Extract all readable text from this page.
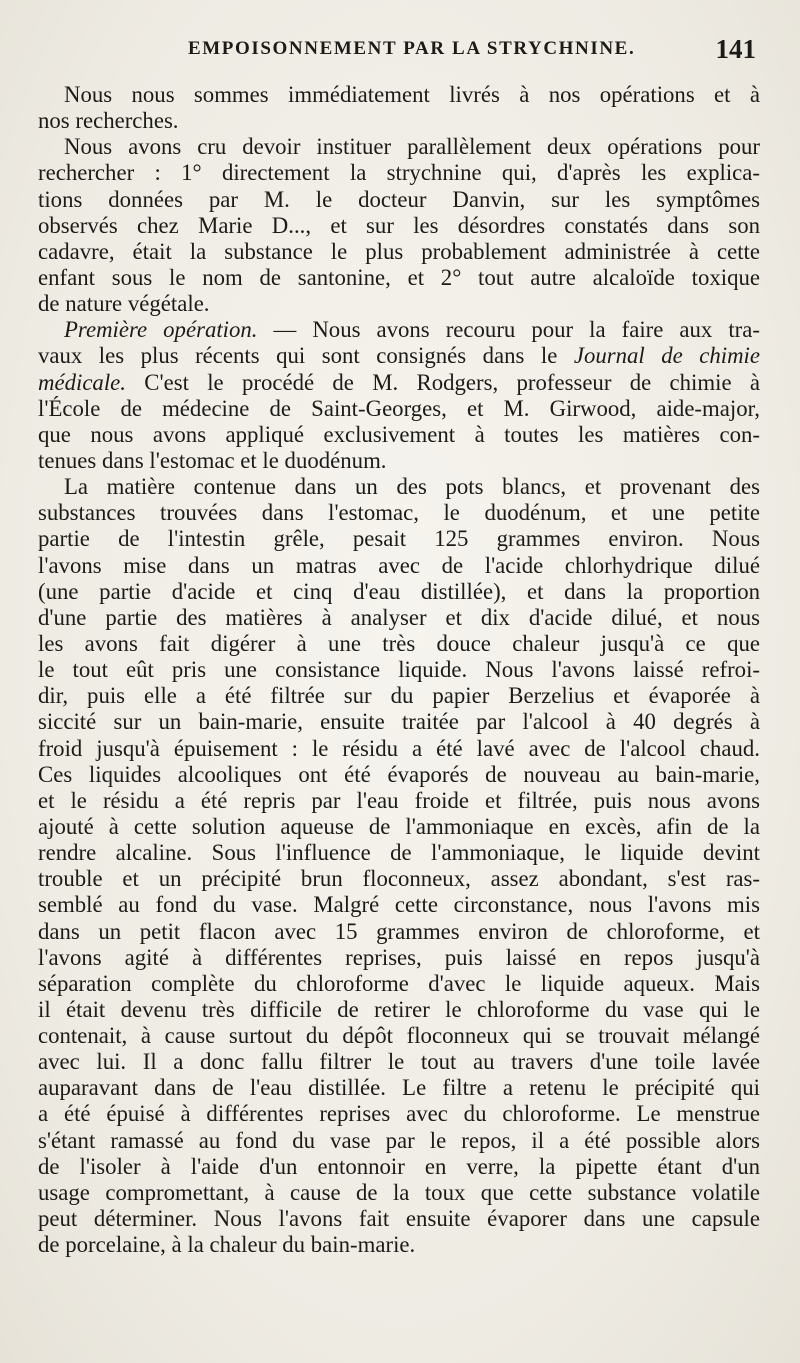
EMPOISONNEMENT PAR LA STRYCHNINE.	141
Nous nous sommes immédiatement livrés à nos opérations et à
nos recherches.
Nous avons cru devoir instituer parallèlement deux opérations pour
rechercher : 1° directement la strychnine qui, d'après les explica-
tions données par M. le docteur Danvin, sur les symptômes
observés chez Marie D..., et sur les désordres constatés dans son
cadavre, était la substance le plus probablement administrée à cette
enfant sous le nom de santonine, et 2° tout autre alcaloïde toxique
de nature végétale.
Première opération. — Nous avons recouru pour la faire aux tra-
vaux les plus récents qui sont consignés dans le Journal de chimie
médicale. C'est le procédé de M. Rodgers, professeur de chimie à
l'École de médecine de Saint-Georges, et M. Girwood, aide-major,
que nous avons appliqué exclusivement à toutes les matières con-
tenues dans l'estomac et le duodénum.
La matière contenue dans un des pots blancs, et provenant des
substances trouvées dans l'estomac, le duodénum, et une petite
partie de l'intestin grêle, pesait 125 grammes environ. Nous
l'avons mise dans un matras avec de l'acide chlorhydrique dilué
(une partie d'acide et cinq d'eau distillée), et dans la proportion
d'une partie des matières à analyser et dix d'acide dilué, et nous
les avons fait digérer à une très douce chaleur jusqu'à ce que
le tout eût pris une consistance liquide. Nous l'avons laissé refroi-
dir, puis elle a été filtrée sur du papier Berzelius et évaporée à
siccité sur un bain-marie, ensuite traitée par l'alcool à 40 degrés à
froid jusqu'à épuisement : le résidu a été lavé avec de l'alcool chaud.
Ces liquides alcooliques ont été évaporés de nouveau au bain-marie,
et le résidu a été repris par l'eau froide et filtrée, puis nous avons
ajouté à cette solution aqueuse de l'ammoniaque en excès, afin de la
rendre alcaline. Sous l'influence de l'ammoniaque, le liquide devint
trouble et un précipité brun floconneux, assez abondant, s'est ras-
semblé au fond du vase. Malgré cette circonstance, nous l'avons mis
dans un petit flacon avec 15 grammes environ de chloroforme, et
l'avons agité à différentes reprises, puis laissé en repos jusqu'à
séparation complète du chloroforme d'avec le liquide aqueux. Mais
il était devenu très difficile de retirer le chloroforme du vase qui le
contenait, à cause surtout du dépôt floconneux qui se trouvait mélangé
avec lui. Il a donc fallu filtrer le tout au travers d'une toile lavée
auparavant dans de l'eau distillée. Le filtre a retenu le précipité qui
a été épuisé à différentes reprises avec du chloroforme. Le menstrue
s'étant ramassé au fond du vase par le repos, il a été possible alors
de l'isoler à l'aide d'un entonnoir en verre, la pipette étant d'un
usage compromettant, à cause de la toux que cette substance volatile
peut déterminer. Nous l'avons fait ensuite évaporer dans une capsule
de porcelaine, à la chaleur du bain-marie.
